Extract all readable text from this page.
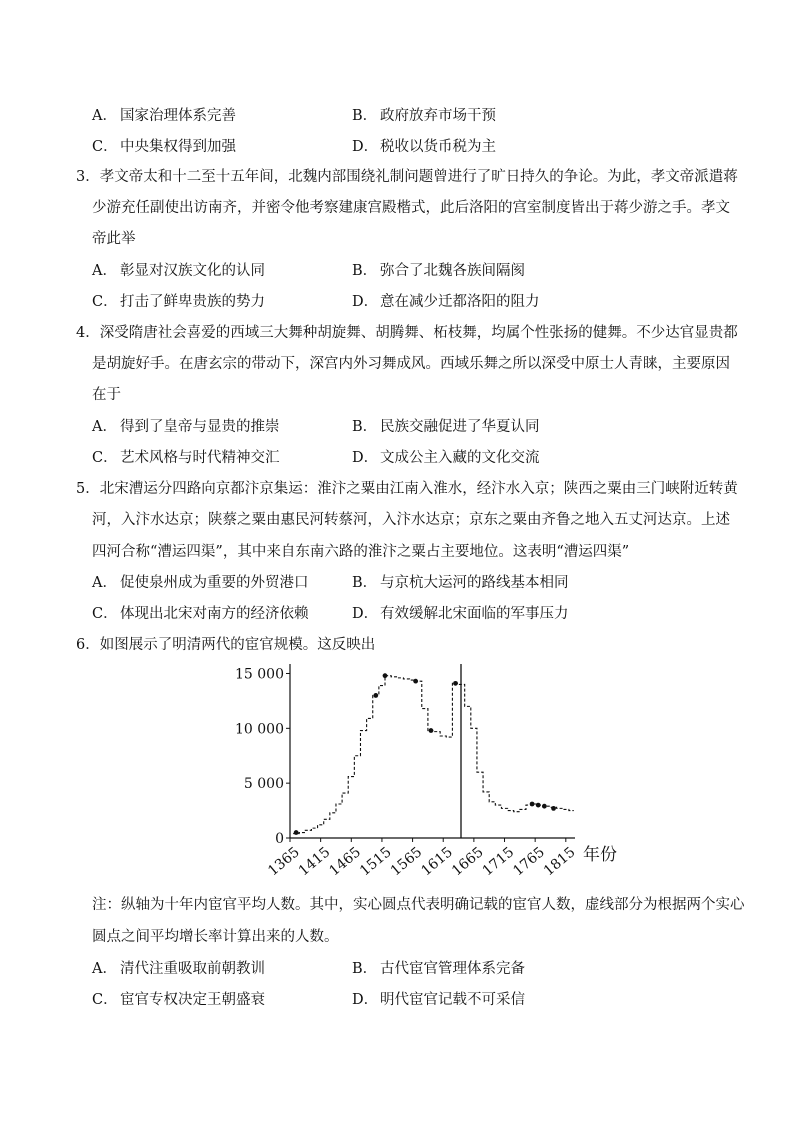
A． 国家治理体系完善	B． 政府放弃市场干预
C． 中央集权得到加强	D． 税收以货币税为主
3．孝文帝太和十二至十五年间，北魏内部围绕礼制问题曾进行了旷日持久的争论。为此，孝文帝派遣蒋
少游充任副使出访南齐，并密令他考察建康宫殿楷式，此后洛阳的宫室制度皆出于蒋少游之手。孝文
帝此举
A． 彰显对汉族文化的认同	B． 弥合了北魏各族间隔阂
C． 打击了鲜卑贵族的势力	D． 意在减少迁都洛阳的阻力
4．深受隋唐社会喜爱的西域三大舞种胡旋舞、胡腾舞、柘枝舞，均属个性张扬的健舞。不少达官显贵都
是胡旋好手。在唐玄宗的带动下，深宫内外习舞成风。西域乐舞之所以深受中原士人青睐，主要原因
在于
A． 得到了皇帝与显贵的推崇	B． 民族交融促进了华夏认同
C． 艺术风格与时代精神交汇	D． 文成公主入藏的文化交流
5．北宋漕运分四路向京都汴京集运：淮汴之粟由江南入淮水，经汴水入京；陕西之粟由三门峡附近转黄
河，入汴水达京；陕蔡之粟由惠民河转蔡河，入汴水达京；京东之粟由齐鲁之地入五丈河达京。上述
四河合称“漕运四渠”，其中来自东南六路的淮汴之粟占主要地位。这表明“漕运四渠”
A． 促使泉州成为重要的外贸港口	B． 与京杭大运河的路线基本相同
C． 体现出北宋对南方的经济依赖	D． 有效缓解北宋面临的军事压力
6．如图展示了明清两代的宦官规模。这反映出
0
5 000
10 000
15 000
1365
1415
1465
1515
1565
1615
1665
1715
1765
1815 年份
注：纵轴为十年内宦官平均人数。其中，实心圆点代表明确记载的宦官人数，虚线部分为根据两个实心
圆点之间平均增长率计算出来的人数。
A． 清代注重吸取前朝教训	B． 古代宦官管理体系完备
C． 宦官专权决定王朝盛衰	D． 明代宦官记载不可采信
